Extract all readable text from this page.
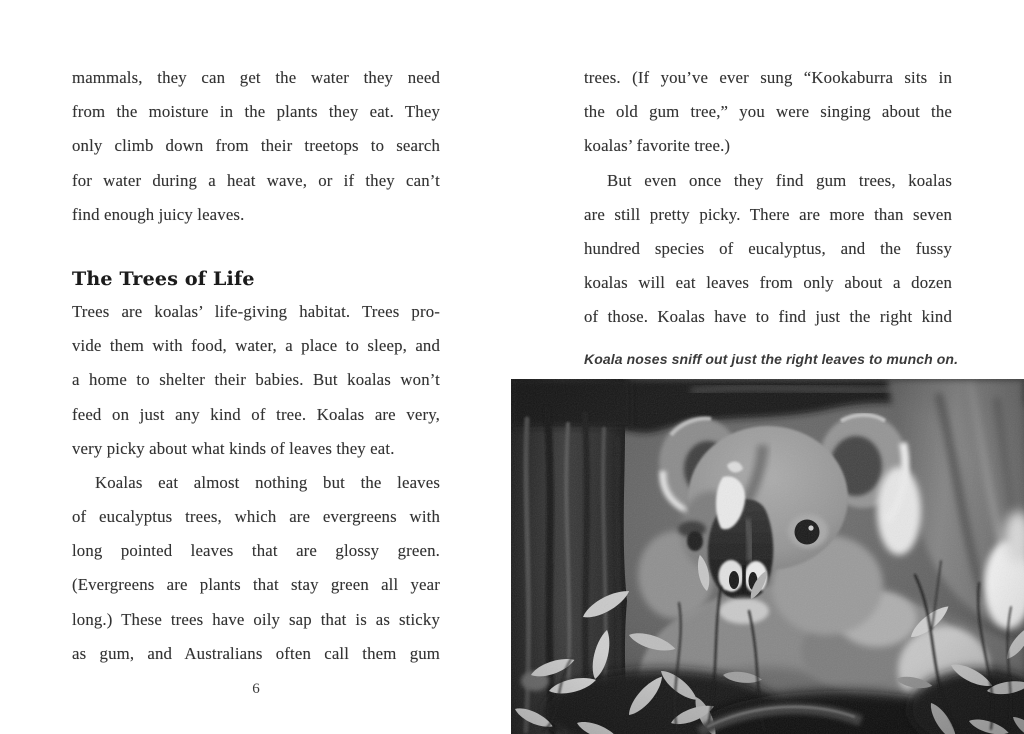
mammals, they can get the water they need
from the moisture in the plants they eat. They
only climb down from their treetops to search
for water during a heat wave, or if they can’t
find enough juicy leaves.
The Trees of Life
Trees are koalas’ life-giving habitat. Trees pro-
vide them with food, water, a place to sleep, and
a home to shelter their babies. But koalas won’t
feed on just any kind of tree. Koalas are very,
very picky about what kinds of leaves they eat.
Koalas eat almost nothing but the leaves
of eucalyptus trees, which are evergreens with
long pointed leaves that are glossy green.
(Evergreens are plants that stay green all year
long.) These trees have oily sap that is as sticky
as gum, and Australians often call them gum
6
trees. (If you’ve ever sung “Kookaburra sits in
the old gum tree,” you were singing about the
koalas’ favorite tree.)
But even once they find gum trees, koalas
are still pretty picky. There are more than seven
hundred species of eucalyptus, and the fussy
koalas will eat leaves from only about a dozen
of those. Koalas have to find just the right kind
Koala noses sniff out just the right leaves to munch on.
